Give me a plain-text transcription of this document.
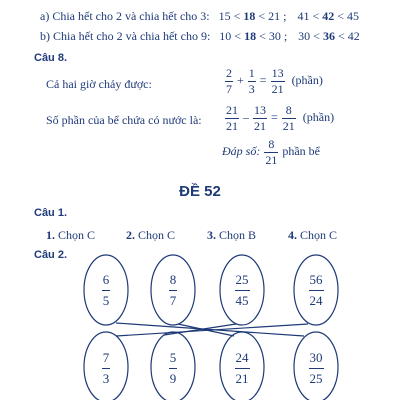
a) Chia hết cho 2 và chia hết cho 3: 15 < 18 < 21 ; 41 < 42 < 45
b) Chia hết cho 2 và chia hết cho 9: 10 < 18 < 30 ; 30 < 36 < 42
Câu 8.
Cả hai giờ chảy được:	$\frac{2}{7} + \frac{1}{3} = \frac{13}{21}$ (phần)
Số phần của bể chứa có nước là: $\frac{21}{21} - \frac{13}{21} = \frac{8}{21}$ (phần)
Đáp số: $\frac{8}{21}$ phần bể
ĐỀ 52
Câu 1.
1. Chọn C	2. Chọn C	3. Chọn B	4. Chọn C
Câu 2.
$\frac{6}{5}$	$\frac{8}{7}$	$\frac{25}{45}$	$\frac{56}{24}$
$\frac{7}{3}$	$\frac{5}{9}$	$\frac{24}{21}$	$\frac{30}{25}$
